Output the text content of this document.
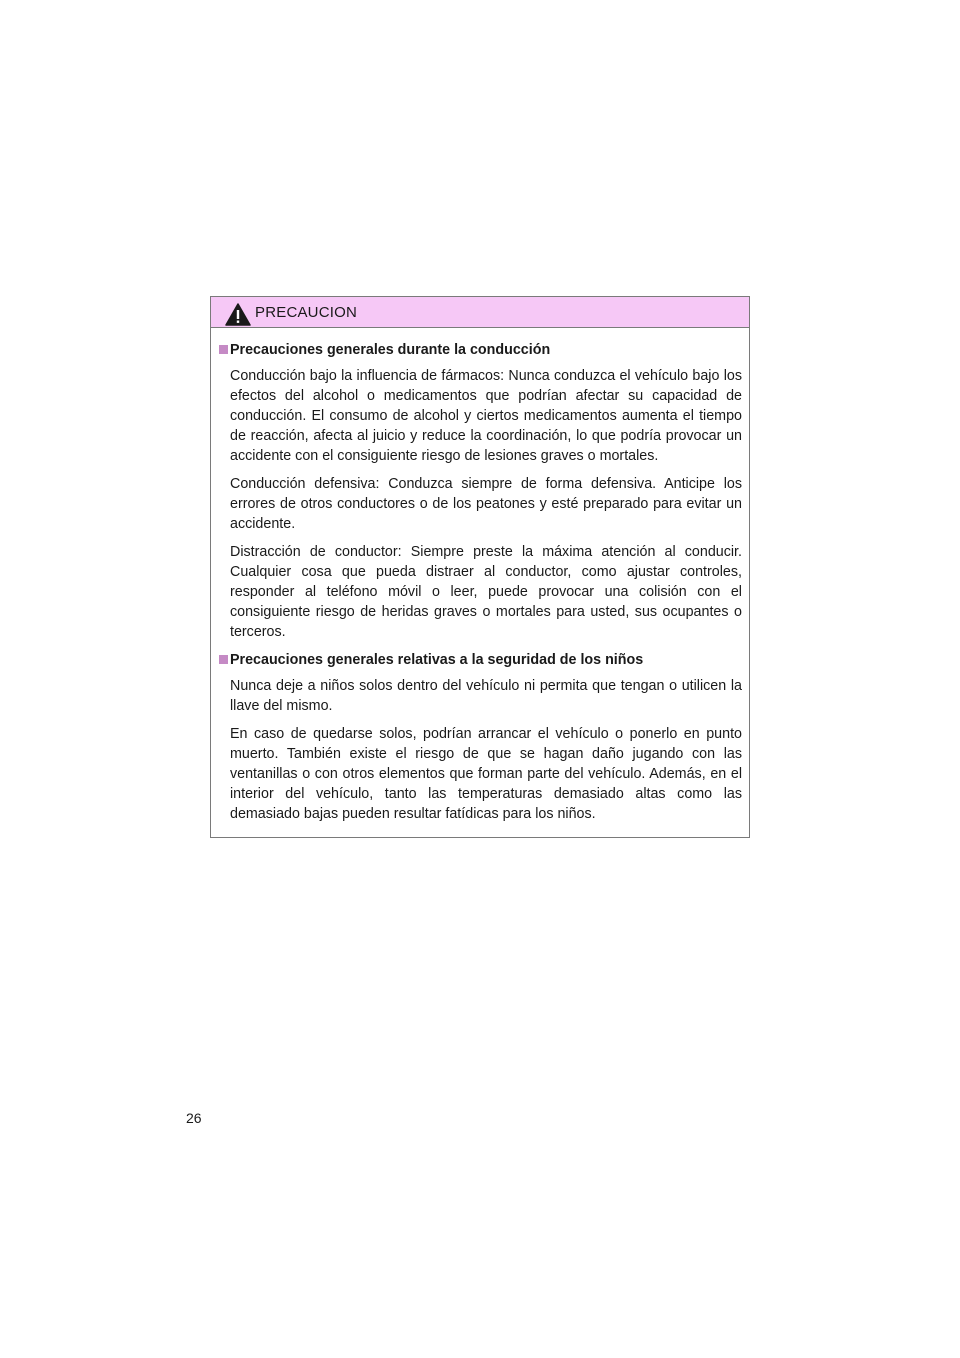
PRECAUCION
Precauciones generales durante la conducción

Conducción bajo la influencia de fármacos: Nunca conduzca el vehículo bajo los efectos del alcohol o medicamentos que podrían afectar su capacidad de conducción. El consumo de alcohol y ciertos medicamentos aumenta el tiempo de reacción, afecta al juicio y reduce la coordinación, lo que podría provocar un accidente con el consiguiente riesgo de lesiones graves o mortales.

Conducción defensiva: Conduzca siempre de forma defensiva. Anticipe los errores de otros conductores o de los peatones y esté preparado para evitar un accidente.

Distracción de conductor: Siempre preste la máxima atención al conducir. Cualquier cosa que pueda distraer al conductor, como ajustar controles, responder al teléfono móvil o leer, puede provocar una colisión con el consiguiente riesgo de heridas graves o mortales para usted, sus ocupantes o terceros.

Precauciones generales relativas a la seguridad de los niños

Nunca deje a niños solos dentro del vehículo ni permita que tengan o utilicen la llave del mismo.

En caso de quedarse solos, podrían arrancar el vehículo o ponerlo en punto muerto. También existe el riesgo de que se hagan daño jugando con las ventanillas o con otros elementos que forman parte del vehículo. Además, en el interior del vehículo, tanto las temperaturas demasiado altas como las demasiado bajas pueden resultar fatídicas para los niños.

26
